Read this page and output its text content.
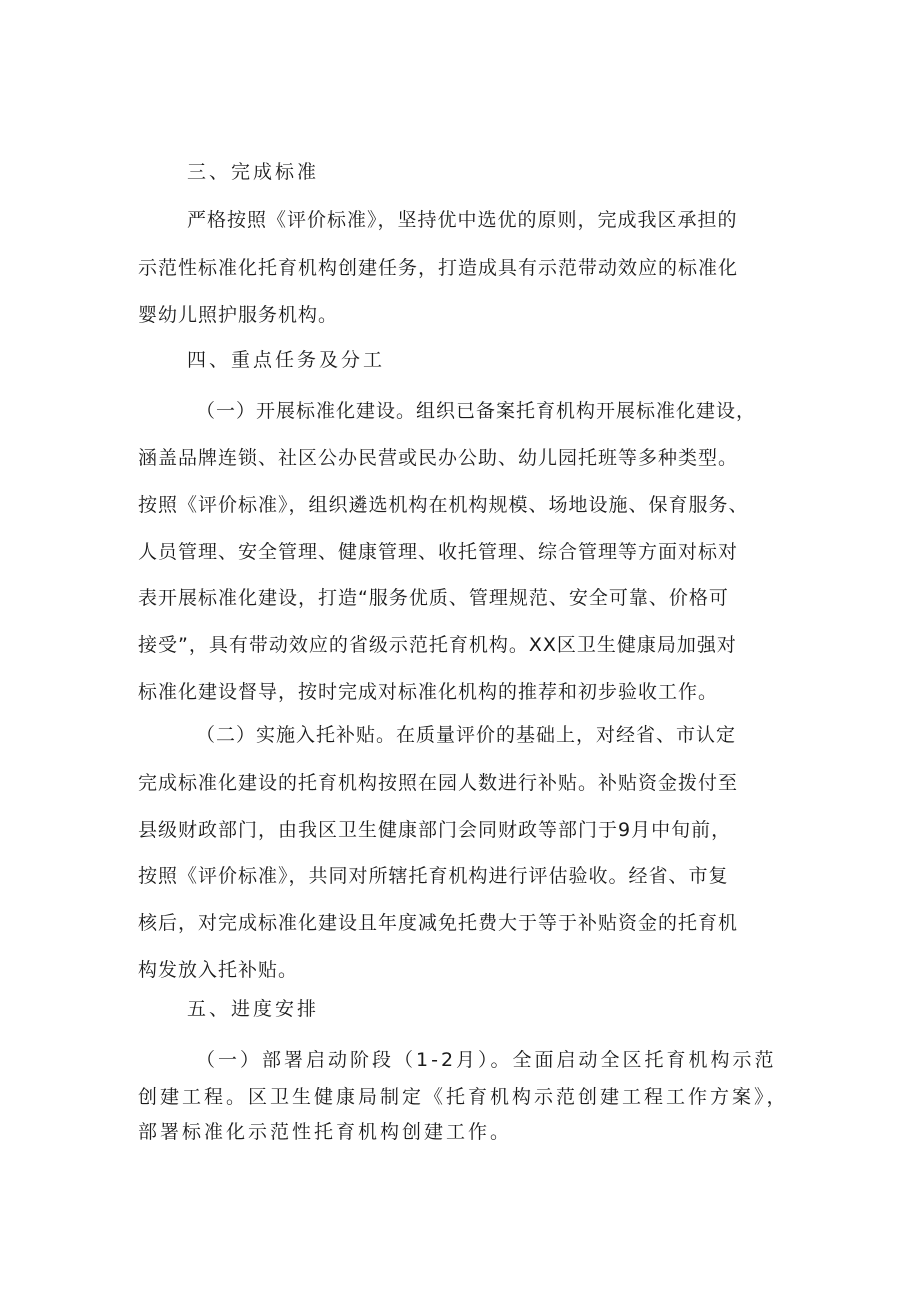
三、完成标准
严格按照《评价标准》，坚持优中选优的原则，完成我区承担的
示范性标准化托育机构创建任务，打造成具有示范带动效应的标准化
婴幼儿照护服务机构。
四、重点任务及分工
（一）开展标准化建设。组织已备案托育机构开展标准化建设，
涵盖品牌连锁、社区公办民营或民办公助、幼儿园托班等多种类型。
按照《评价标准》，组织遴选机构在机构规模、场地设施、保育服务、
人员管理、安全管理、健康管理、收托管理、综合管理等方面对标对
表开展标准化建设，打造“服务优质、管理规范、安全可靠、价格可
接受”，具有带动效应的省级示范托育机构。XX区卫生健康局加强对
标准化建设督导，按时完成对标准化机构的推荐和初步验收工作。
（二）实施入托补贴。在质量评价的基础上，对经省、市认定
完成标准化建设的托育机构按照在园人数进行补贴。补贴资金拨付至
县级财政部门，由我区卫生健康部门会同财政等部门于9月中旬前，
按照《评价标准》，共同对所辖托育机构进行评估验收。经省、市复
核后，对完成标准化建设且年度减免托费大于等于补贴资金的托育机
构发放入托补贴。
五、进度安排
（一）部署启动阶段（1-2月）。全面启动全区托育机构示范
创建工程。区卫生健康局制定《托育机构示范创建工程工作方案》，
部署标准化示范性托育机构创建工作。
